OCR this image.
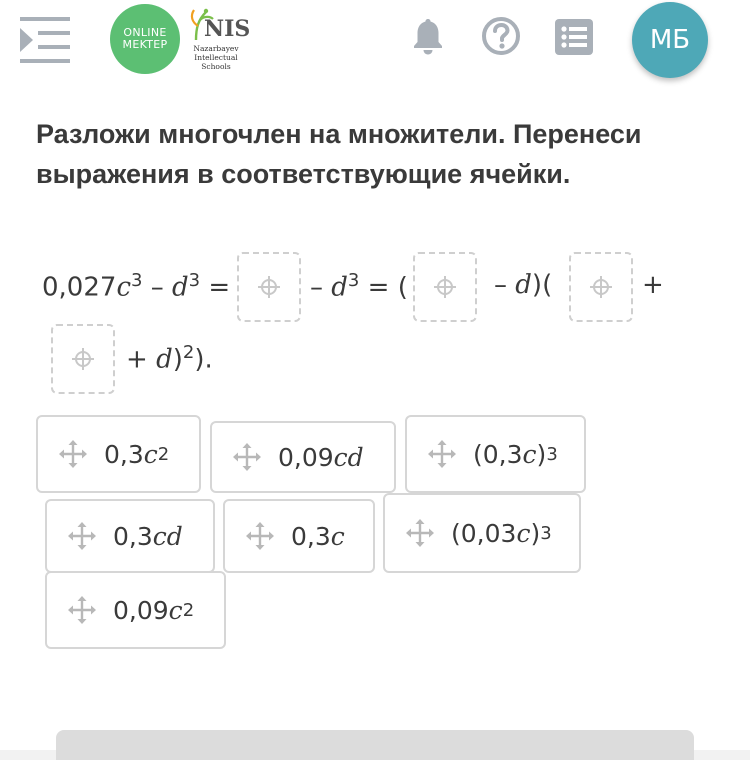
ONLINE
MEKTEP
NIS
Nazarbayev
Intellectual
Schools
МБ
Разложи многочлен на множители. Перенеси выражения в соответствующие ячейки.
$0,027c^3 - d^3$ =	– $d^3$ = (	– d)(	+
+ d)$^2$).
0,3 c 2	0,09 cd	( 0,3 c ) 3
0,3 cd	0,3 c	( 0,03 c ) 3
0,09 c 2
